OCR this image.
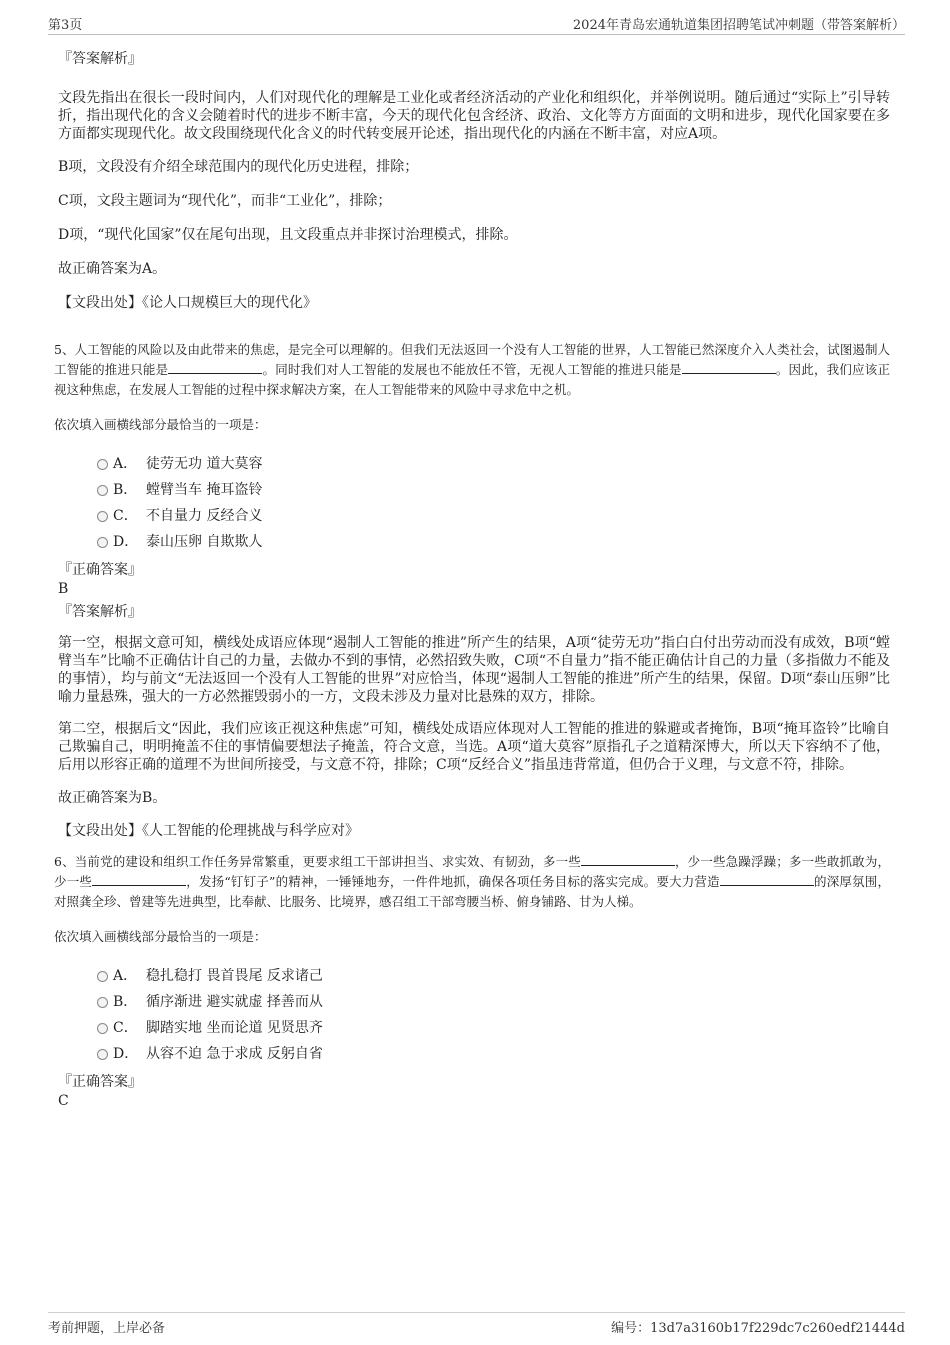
第3页	2024年青岛宏通轨道集团招聘笔试冲刺题（带答案解析）
『答案解析』
文段先指出在很长一段时间内，人们对现代化的理解是工业化或者经济活动的产业化和组织化，并举例说明。随后通过“实际上”引导转折，指出现代化的含义会随着时代的进步不断丰富，今天的现代化包含经济、政治、文化等方方面面的文明和进步，现代化国家要在多方面都实现现代化。故文段围绕现代化含义的时代转变展开论述，指出现代化的内涵在不断丰富，对应A项。
B项，文段没有介绍全球范围内的现代化历史进程，排除；
C项，文段主题词为“现代化”，而非“工业化”，排除；
D项，“现代化国家”仅在尾句出现，且文段重点并非探讨治理模式，排除。
故正确答案为A。
【文段出处】《论人口规模巨大的现代化》
5、人工智能的风险以及由此带来的焦虑，是完全可以理解的。但我们无法返回一个没有人工智能的世界，人工智能已然深度介入人类社会，试图遏制人工智能的推进只能是	。同时我们对人工智能的发展也不能放任不管，无视人工智能的推进只能是	。因此，我们应该正视这种焦虑，在发展人工智能的过程中探求解决方案，在人工智能带来的风险中寻求危中之机。
依次填入画横线部分最恰当的一项是：
A． 徒劳无功 道大莫容
B． 螳臂当车 掩耳盗铃
C． 不自量力 反经合义
D． 泰山压卵 自欺欺人
『正确答案』
B
『答案解析』
第一空，根据文意可知，横线处成语应体现“遏制人工智能的推进”所产生的结果，A项“徒劳无功”指白白付出劳动而没有成效，B项“螳臂当车”比喻不正确估计自己的力量，去做办不到的事情，必然招致失败，C项“不自量力”指不能正确估计自己的力量（多指做力不能及的事情），均与前文“无法返回一个没有人工智能的世界”对应恰当，体现“遏制人工智能的推进”所产生的结果，保留。D项“泰山压卵”比喻力量悬殊，强大的一方必然摧毁弱小的一方，文段未涉及力量对比悬殊的双方，排除。
第二空，根据后文“因此，我们应该正视这种焦虑”可知，横线处成语应体现对人工智能的推进的躲避或者掩饰，B项“掩耳盗铃”比喻自己欺骗自己，明明掩盖不住的事情偏要想法子掩盖，符合文意，当选。A项“道大莫容”原指孔子之道精深博大，所以天下容纳不了他，后用以形容正确的道理不为世间所接受，与文意不符，排除；C项“反经合义”指虽违背常道，但仍合于义理，与文意不符，排除。
故正确答案为B。
【文段出处】《人工智能的伦理挑战与科学应对》
6、当前党的建设和组织工作任务异常繁重，更要求组工干部讲担当、求实效、有韧劲，多一些	，少一些急躁浮躁；多一些敢抓敢为，少一些	，发扬“钉钉子”的精神，一锤锤地夯，一件件地抓，确保各项任务目标的落实完成。要大力营造	的深厚氛围，对照龚全珍、曾建等先进典型，比奉献、比服务、比境界，感召组工干部弯腰当桥、俯身铺路、甘为人梯。
依次填入画横线部分最恰当的一项是：
A． 稳扎稳打 畏首畏尾 反求诸己
B． 循序渐进 避实就虚 择善而从
C． 脚踏实地 坐而论道 见贤思齐
D． 从容不迫 急于求成 反躬自省
『正确答案』
C
考前押题，上岸必备	编号：13d7a3160b17f229dc7c260edf21444d
